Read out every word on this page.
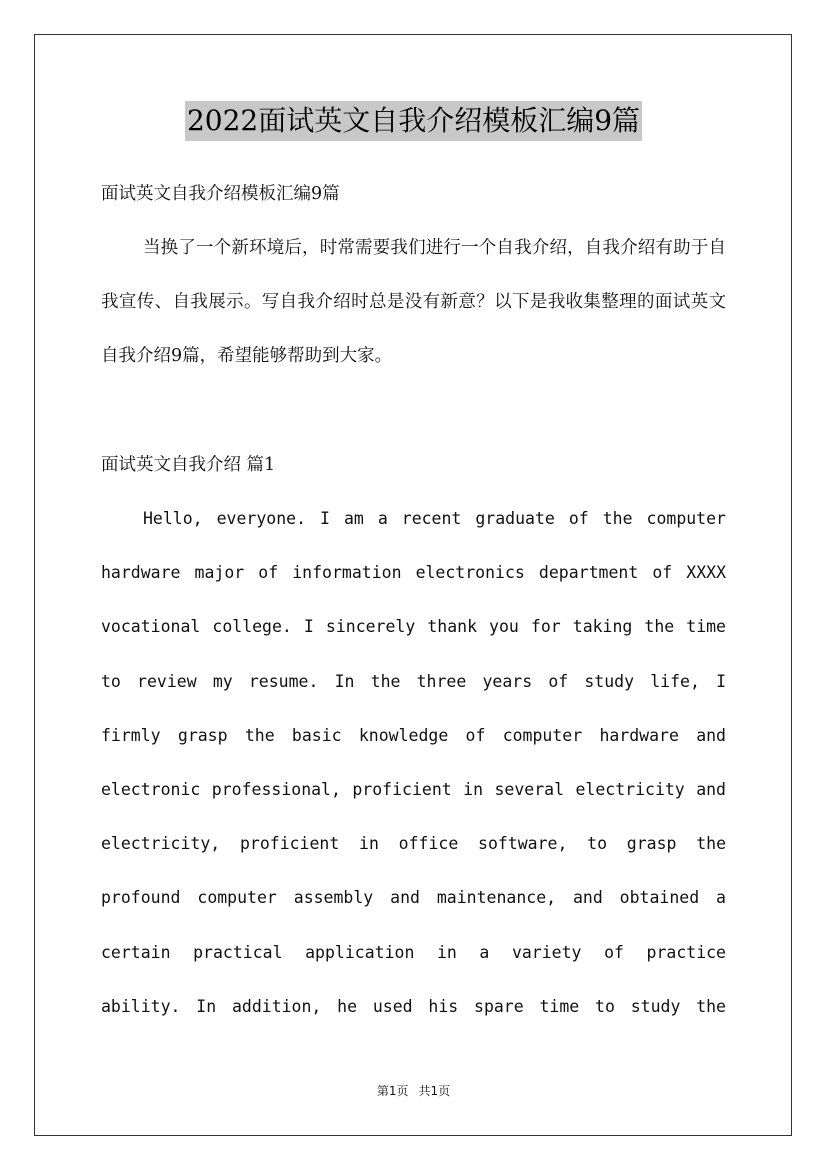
2022面试英文自我介绍模板汇编9篇
面试英文自我介绍模板汇编9篇

当换了一个新环境后，时常需要我们进行一个自我介绍，自我介绍有助于自我宣传、自我展示。写自我介绍时总是没有新意？以下是我收集整理的面试英文自我介绍9篇，希望能够帮助到大家。

面试英文自我介绍 篇1

Hello, everyone. I am a recent graduate of the computer hardware major of information electronics department of XXXX vocational college. I sincerely thank you for taking the time to review my resume. In the three years of study life, I firmly grasp the basic knowledge of computer hardware and electronic professional, proficient in several electricity and electricity, proficient in office software, to grasp the profound computer assembly and maintenance, and obtained a certain practical application in a variety of practice ability. In addition, he used his spare time to study the

第1页 共1页
